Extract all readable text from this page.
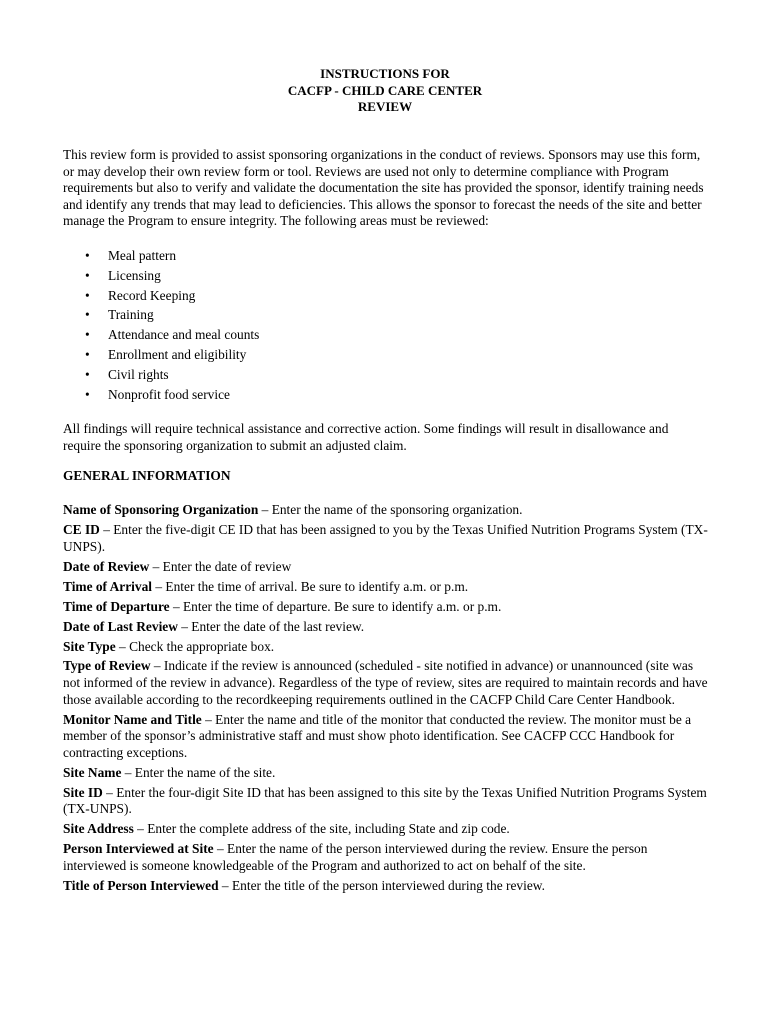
INSTRUCTIONS FOR
CACFP - CHILD CARE CENTER
REVIEW

This review form is provided to assist sponsoring organizations in the conduct of reviews. Sponsors may use this form, or may develop their own review form or tool. Reviews are used not only to determine compliance with Program requirements but also to verify and validate the documentation the site has provided the sponsor, identify training needs and identify any trends that may lead to deficiencies. This allows the sponsor to forecast the needs of the site and better manage the Program to ensure integrity. The following areas must be reviewed:

• Meal pattern
• Licensing
• Record Keeping
• Training
• Attendance and meal counts
• Enrollment and eligibility
• Civil rights
• Nonprofit food service

All findings will require technical assistance and corrective action. Some findings will result in disallowance and require the sponsoring organization to submit an adjusted claim.

GENERAL INFORMATION

Name of Sponsoring Organization – Enter the name of the sponsoring organization.

CE ID – Enter the five-digit CE ID that has been assigned to you by the Texas Unified Nutrition Programs System (TX-UNPS).

Date of Review – Enter the date of review

Time of Arrival – Enter the time of arrival. Be sure to identify a.m. or p.m.

Time of Departure – Enter the time of departure. Be sure to identify a.m. or p.m.

Date of Last Review – Enter the date of the last review.

Site Type – Check the appropriate box.

Type of Review – Indicate if the review is announced (scheduled - site notified in advance) or unannounced (site was not informed of the review in advance). Regardless of the type of review, sites are required to maintain records and have those available according to the recordkeeping requirements outlined in the CACFP Child Care Center Handbook.

Monitor Name and Title – Enter the name and title of the monitor that conducted the review. The monitor must be a member of the sponsor’s administrative staff and must show photo identification. See CACFP CCC Handbook for contracting exceptions.

Site Name – Enter the name of the site.

Site ID – Enter the four-digit Site ID that has been assigned to this site by the Texas Unified Nutrition Programs System (TX-UNPS).

Site Address – Enter the complete address of the site, including State and zip code.

Person Interviewed at Site – Enter the name of the person interviewed during the review. Ensure the person interviewed is someone knowledgeable of the Program and authorized to act on behalf of the site.

Title of Person Interviewed – Enter the title of the person interviewed during the review.
